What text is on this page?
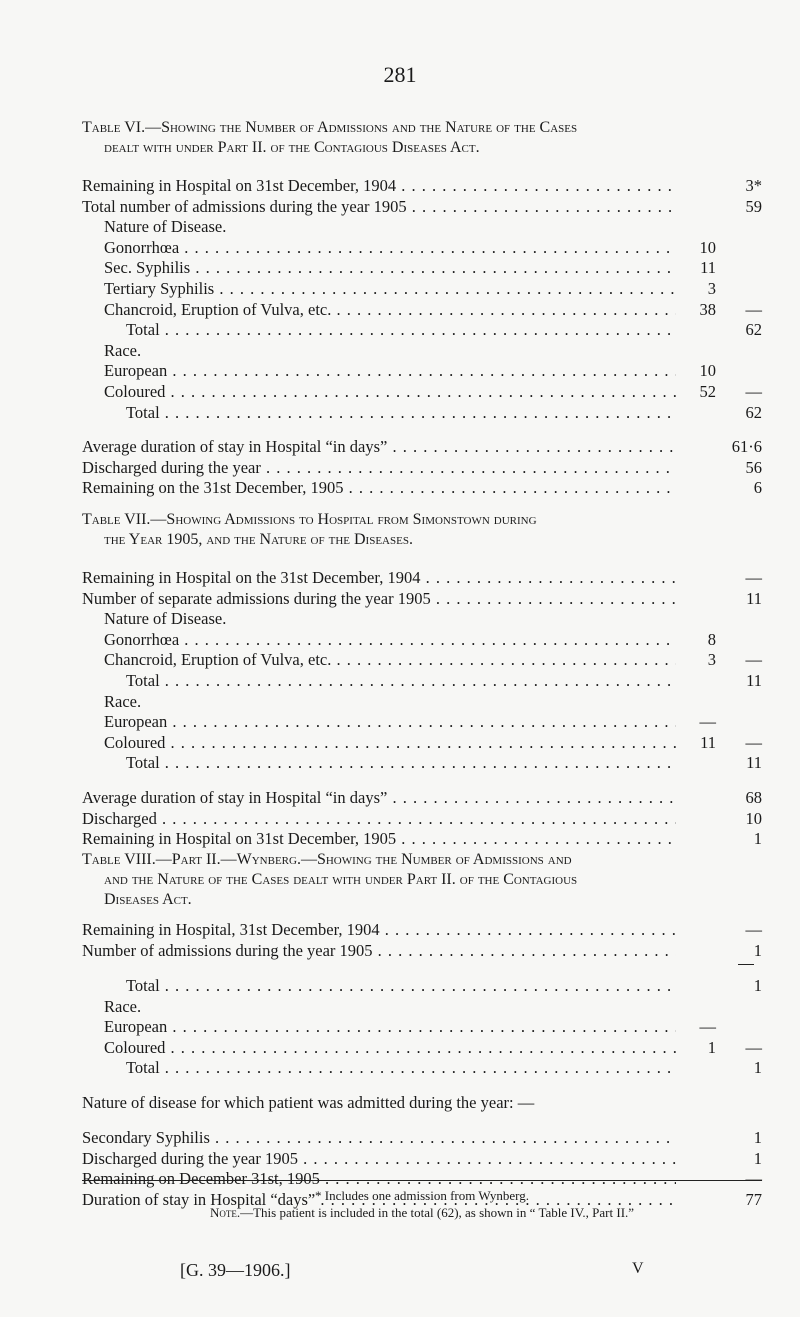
281
Table VI.—Showing the Number of Admissions and the Nature of the Cases
dealt with under Part II. of the Contagious Diseases Act.
Remaining in Hospital on 31st December, 1904 . . .	3*
Total number of admissions during the year 1905 . . .	59
Nature of Disease.
Gonorrhœa . . .	10
Sec. Syphilis . . .	11
Tertiary Syphilis . . .	3
Chancroid, Eruption of Vulva, etc. . . .	38	—
Total . . .	62
Race.
European . . .	10
Coloured . . .	52	—
Total . . .	62
Average duration of stay in Hospital “in days” . . .	61·6
Discharged during the year . . .	56
Remaining on the 31st December, 1905 . . .	6
Table VII.—Showing Admissions to Hospital from Simonstown during
the Year 1905, and the Nature of the Diseases.
Remaining in Hospital on the 31st December, 1904 . . .	—
Number of separate admissions during the year 1905 . . .	11
Nature of Disease.
Gonorrhœa . . .	8
Chancroid, Eruption of Vulva, etc. . . .	3	—
Total . . .	11
Race.
European . . .	—
Coloured . . .	11	—
Total . . .	11
Average duration of stay in Hospital “in days” . . .	68
Discharged . . .	10
Remaining in Hospital on 31st December, 1905 . . .	1
Table VIII.—Part II.—Wynberg.—Showing the Number of Admissions and
and the Nature of the Cases dealt with under Part II. of the Contagious
Diseases Act.
Remaining in Hospital, 31st December, 1904 . . .	—
Number of admissions during the year 1905 . . .	1
Total . . .	1
Race.
European . . .	—
Coloured . . .	1	—
Total . . .	1
Nature of disease for which patient was admitted during the year: —
Secondary Syphilis . . .	1
Discharged during the year 1905 . . .	1
Remaining on December 31st, 1905 . . .	—
Duration of stay in Hospital “days” . . .	77
* Includes one admission from Wynberg.
Note.—This patient is included in the total (62), as shown in “ Table IV., Part II.”
[G. 39—1906.]	V
